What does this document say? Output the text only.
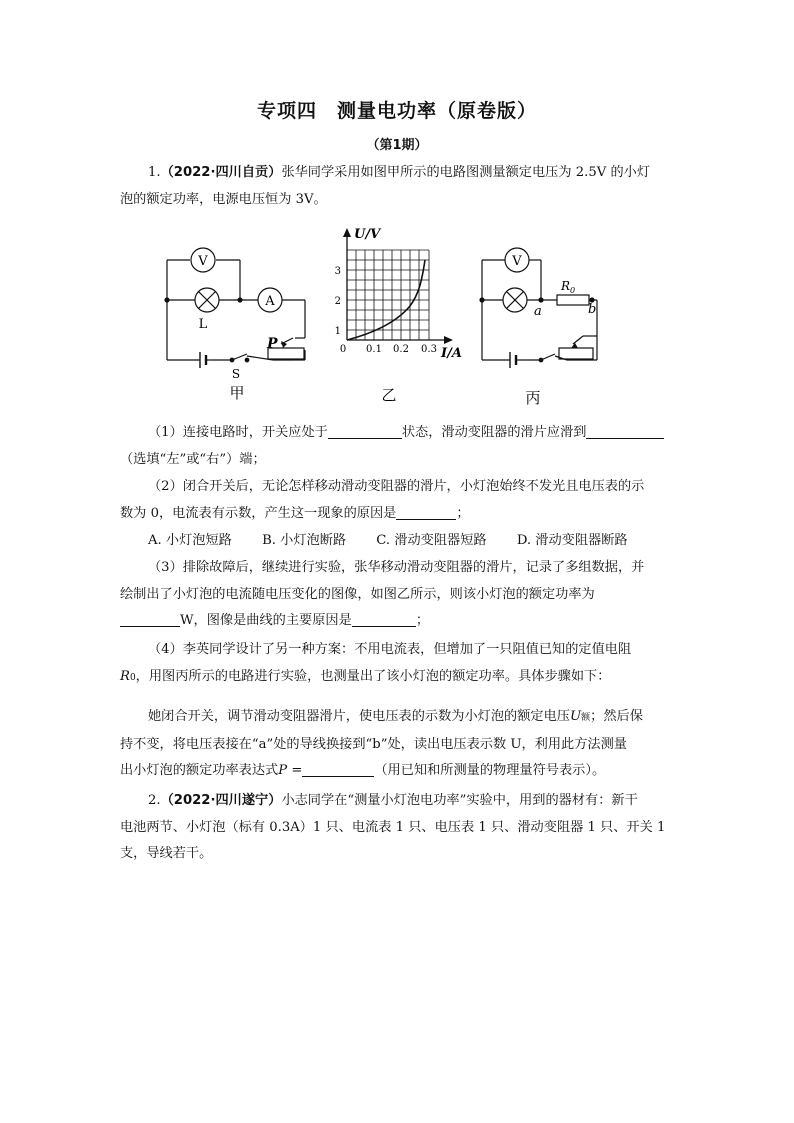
专项四　测量电功率（原卷版）
（第1期）
1.（2022·四川自贡）张华同学采用如图甲所示的电路图测量额定电压为 2.5V 的小灯
泡的额定功率，电源电压恒为 3V。
V
A
L
S
P
甲
U/V
1
2
3
0 0.1 0.2 0.3 I/A
乙
V
$R_0$
a	b
丙
（1）连接电路时，开关应处于	状态，滑动变阻器的滑片应滑到
（选填“左”或“右”）端；
（2）闭合开关后，无论怎样移动滑动变阻器的滑片，小灯泡始终不发光且电压表的示
数为 0，电流表有示数，产生这一现象的原因是	；
A. 小灯泡短路 B. 小灯泡断路 C. 滑动变阻器短路 D. 滑动变阻器断路
（3）排除故障后，继续进行实验，张华移动滑动变阻器的滑片，记录了多组数据，并
绘制出了小灯泡的电流随电压变化的图像，如图乙所示，则该小灯泡的额定功率为
W，图像是曲线的主要原因是	；
（4）李英同学设计了另一种方案：不用电流表，但增加了一只阻值已知的定值电阻
R0，用图丙所示的电路进行实验，也测量出了该小灯泡的额定功率。具体步骤如下：
她闭合开关，调节滑动变阻器滑片，使电压表的示数为小灯泡的额定电压U额；然后保
持不变，将电压表接在“a”处的导线换接到“b”处，读出电压表示数 U，利用此方法测量
出小灯泡的额定功率表达式P =	（用已知和所测量的物理量符号表示）。
2.（2022·四川遂宁）小志同学在“测量小灯泡电功率”实验中，用到的器材有：新干
电池两节、小灯泡（标有 0.3A）1 只、电流表 1 只、电压表 1 只、滑动变阻器 1 只、开关 1
支，导线若干。
